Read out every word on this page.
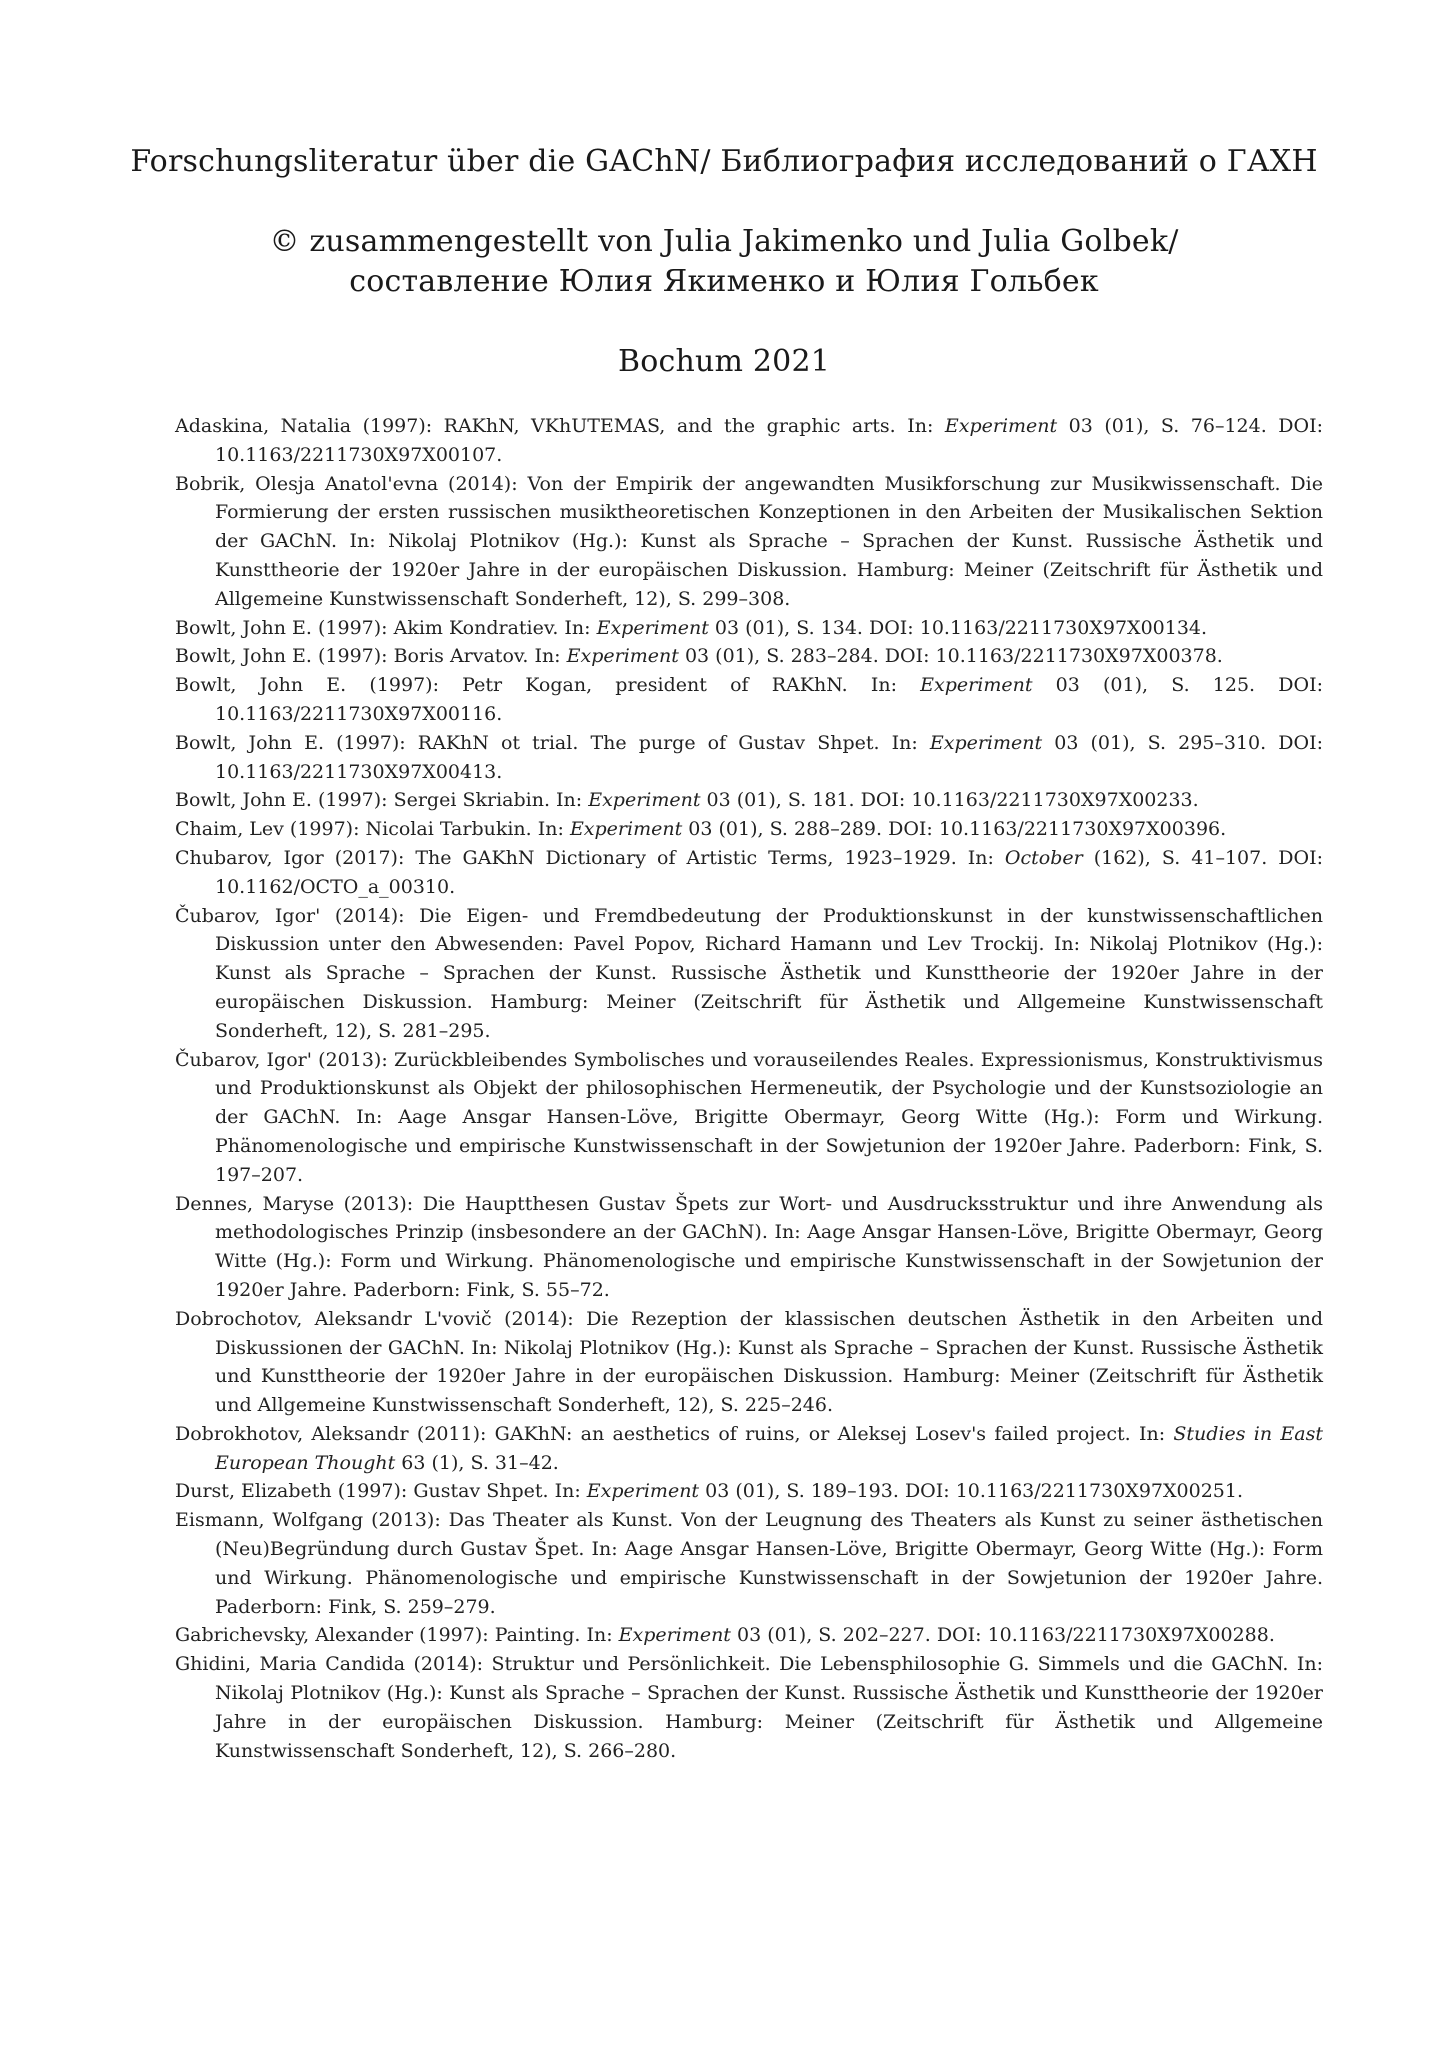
Forschungsliteratur über die GAChN/ Библиография исследований о ГАХН
© zusammengestellt von Julia Jakimenko und Julia Golbek/
составление Юлия Якименко и Юлия Гольбек
Bochum 2021
Adaskina, Natalia (1997): RAKhN, VKhUTEMAS, and the graphic arts. In: Experiment 03 (01), S. 76–124. DOI: 10.1163/2211730X97X00107.
Bobrik, Olesja Anatol'evna (2014): Von der Empirik der angewandten Musikforschung zur Musikwissenschaft. Die Formierung der ersten russischen musiktheoretischen Konzeptionen in den Arbeiten der Musikalischen Sektion der GAChN. In: Nikolaj Plotnikov (Hg.): Kunst als Sprache – Sprachen der Kunst. Russische Ästhetik und Kunsttheorie der 1920er Jahre in der europäischen Diskussion. Hamburg: Meiner (Zeitschrift für Ästhetik und Allgemeine Kunstwissenschaft Sonderheft, 12), S. 299–308.
Bowlt, John E. (1997): Akim Kondratiev. In: Experiment 03 (01), S. 134. DOI: 10.1163/2211730X97X00134.
Bowlt, John E. (1997): Boris Arvatov. In: Experiment 03 (01), S. 283–284. DOI: 10.1163/2211730X97X00378.
Bowlt, John E. (1997): Petr Kogan, president of RAKhN. In: Experiment 03 (01), S. 125. DOI: 10.1163/2211730X97X00116.
Bowlt, John E. (1997): RAKhN ot trial. The purge of Gustav Shpet. In: Experiment 03 (01), S. 295–310. DOI: 10.1163/2211730X97X00413.
Bowlt, John E. (1997): Sergei Skriabin. In: Experiment 03 (01), S. 181. DOI: 10.1163/2211730X97X00233.
Chaim, Lev (1997): Nicolai Tarbukin. In: Experiment 03 (01), S. 288–289. DOI: 10.1163/2211730X97X00396.
Chubarov, Igor (2017): The GAKhN Dictionary of Artistic Terms, 1923–1929. In: October (162), S. 41–107. DOI: 10.1162/OCTO_a_00310.
Čubarov, Igor' (2014): Die Eigen- und Fremdbedeutung der Produktionskunst in der kunstwissenschaftlichen Diskussion unter den Abwesenden: Pavel Popov, Richard Hamann und Lev Trockij. In: Nikolaj Plotnikov (Hg.): Kunst als Sprache – Sprachen der Kunst. Russische Ästhetik und Kunsttheorie der 1920er Jahre in der europäischen Diskussion. Hamburg: Meiner (Zeitschrift für Ästhetik und Allgemeine Kunstwissenschaft Sonderheft, 12), S. 281–295.
Čubarov, Igor' (2013): Zurückbleibendes Symbolisches und vorauseilendes Reales. Expressionismus, Konstruktivismus und Produktionskunst als Objekt der philosophischen Hermeneutik, der Psychologie und der Kunstsoziologie an der GAChN. In: Aage Ansgar Hansen-Löve, Brigitte Obermayr, Georg Witte (Hg.): Form und Wirkung. Phänomenologische und empirische Kunstwissenschaft in der Sowjetunion der 1920er Jahre. Paderborn: Fink, S. 197–207.
Dennes, Maryse (2013): Die Hauptthesen Gustav Špets zur Wort- und Ausdrucksstruktur und ihre Anwendung als methodologisches Prinzip (insbesondere an der GAChN). In: Aage Ansgar Hansen-Löve, Brigitte Obermayr, Georg Witte (Hg.): Form und Wirkung. Phänomenologische und empirische Kunstwissenschaft in der Sowjetunion der 1920er Jahre. Paderborn: Fink, S. 55–72.
Dobrochotov, Aleksandr L'vovič (2014): Die Rezeption der klassischen deutschen Ästhetik in den Arbeiten und Diskussionen der GAChN. In: Nikolaj Plotnikov (Hg.): Kunst als Sprache – Sprachen der Kunst. Russische Ästhetik und Kunsttheorie der 1920er Jahre in der europäischen Diskussion. Hamburg: Meiner (Zeitschrift für Ästhetik und Allgemeine Kunstwissenschaft Sonderheft, 12), S. 225–246.
Dobrokhotov, Aleksandr (2011): GAKhN: an aesthetics of ruins, or Aleksej Losev's failed project. In: Studies in East European Thought 63 (1), S. 31–42.
Durst, Elizabeth (1997): Gustav Shpet. In: Experiment 03 (01), S. 189–193. DOI: 10.1163/2211730X97X00251.
Eismann, Wolfgang (2013): Das Theater als Kunst. Von der Leugnung des Theaters als Kunst zu seiner ästhetischen (Neu)Begründung durch Gustav Špet. In: Aage Ansgar Hansen-Löve, Brigitte Obermayr, Georg Witte (Hg.): Form und Wirkung. Phänomenologische und empirische Kunstwissenschaft in der Sowjetunion der 1920er Jahre. Paderborn: Fink, S. 259–279.
Gabrichevsky, Alexander (1997): Painting. In: Experiment 03 (01), S. 202–227. DOI: 10.1163/2211730X97X00288.
Ghidini, Maria Candida (2014): Struktur und Persönlichkeit. Die Lebensphilosophie G. Simmels und die GAChN. In: Nikolaj Plotnikov (Hg.): Kunst als Sprache – Sprachen der Kunst. Russische Ästhetik und Kunsttheorie der 1920er Jahre in der europäischen Diskussion. Hamburg: Meiner (Zeitschrift für Ästhetik und Allgemeine Kunstwissenschaft Sonderheft, 12), S. 266–280.
